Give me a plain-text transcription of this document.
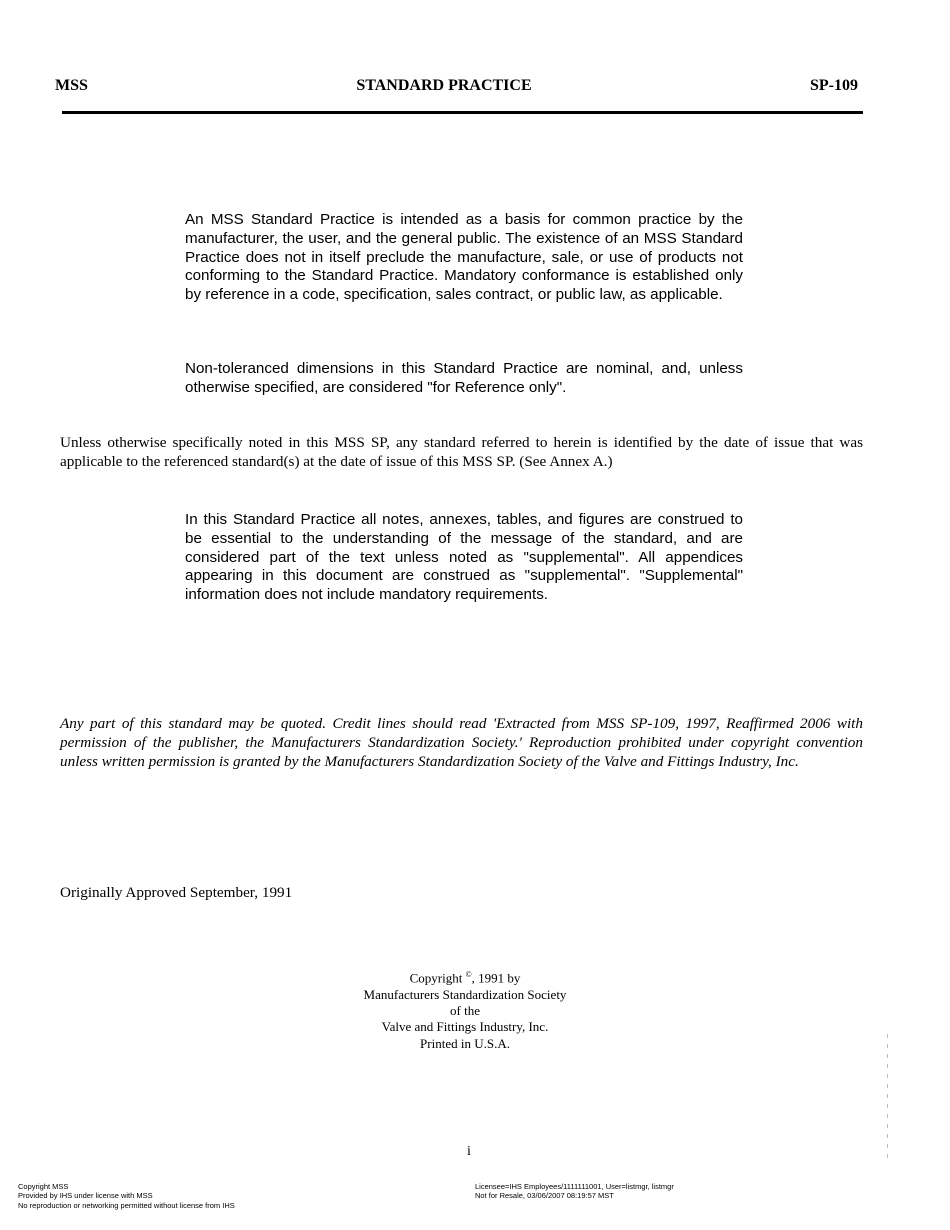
MSS	STANDARD PRACTICE	SP-109

An MSS Standard Practice is intended as a basis for common practice by the manufacturer, the user, and the general public. The existence of an MSS Standard Practice does not in itself preclude the manufacture, sale, or use of products not conforming to the Standard Practice. Mandatory conformance is established only by reference in a code, specification, sales contract, or public law, as applicable.

Non-toleranced dimensions in this Standard Practice are nominal, and, unless otherwise specified, are considered "for Reference only".

Unless otherwise specifically noted in this MSS SP, any standard referred to herein is identified by the date of issue that was applicable to the referenced standard(s) at the date of issue of this MSS SP. (See Annex A.)

In this Standard Practice all notes, annexes, tables, and figures are construed to be essential to the understanding of the message of the standard, and are considered part of the text unless noted as "supplemental". All appendices appearing in this document are construed as "supplemental". "Supplemental" information does not include mandatory requirements.

Any part of this standard may be quoted. Credit lines should read 'Extracted from MSS SP-109, 1997, Reaffirmed 2006 with permission of the publisher, the Manufacturers Standardization Society.' Reproduction prohibited under copyright convention unless written permission is granted by the Manufacturers Standardization Society of the Valve and Fittings Industry, Inc.

Originally Approved September, 1991
Copyright ©, 1991 by
Manufacturers Standardization Society
of the
Valve and Fittings Industry, Inc.
Printed in U.S.A.
i
Copyright MSS
Provided by IHS under license with MSS
No reproduction or networking permitted without license from IHS
Licensee=IHS Employees/1111111001, User=listmgr, listmgr
Not for Resale, 03/06/2007 08:19:57 MST
